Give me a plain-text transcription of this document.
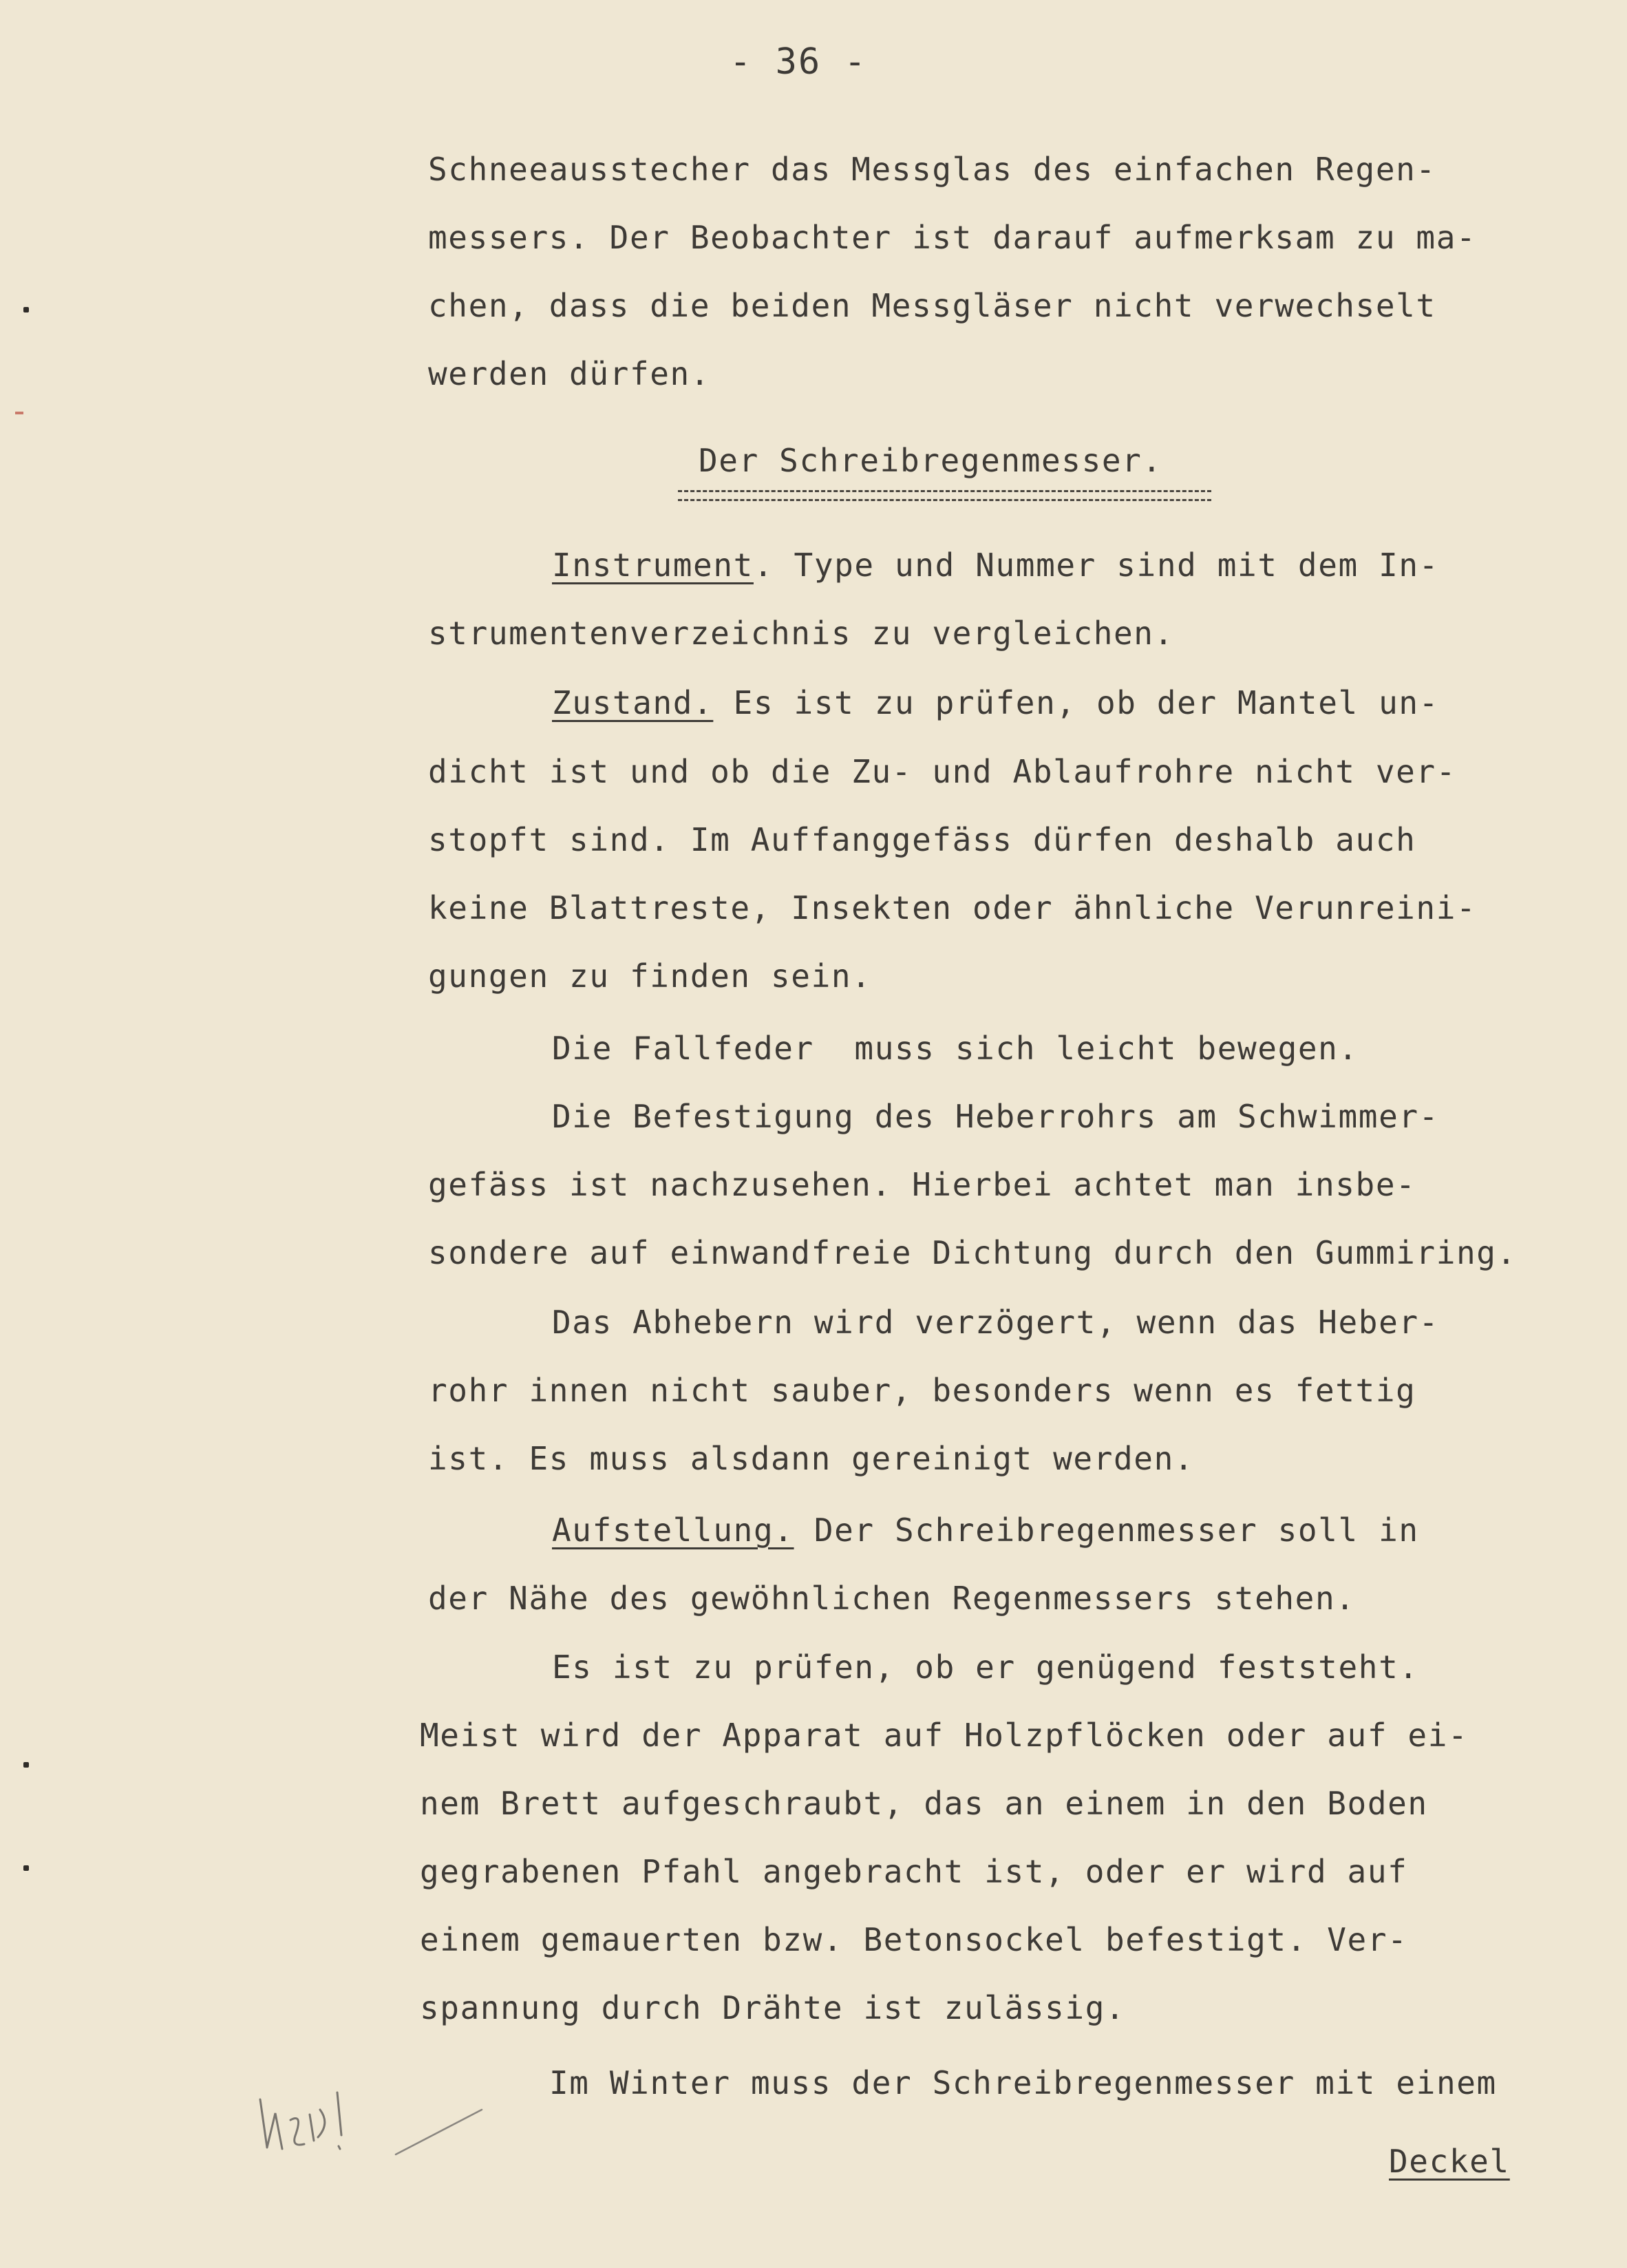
- 36 -
Schneeausstecher das Messglas des einfachen Regen-
messers. Der Beobachter ist darauf aufmerksam zu ma-
chen, dass die beiden Messgläser nicht verwechselt
werden dürfen.
Der Schreibregenmesser.
Instrument. Type und Nummer sind mit dem In-
strumentenverzeichnis zu vergleichen.
Zustand. Es ist zu prüfen, ob der Mantel un-
dicht ist und ob die Zu- und Ablaufrohre nicht ver-
stopft sind. Im Auffanggefäss dürfen deshalb auch
keine Blattreste, Insekten oder ähnliche Verunreini-
gungen zu finden sein.
Die Fallfeder  muss sich leicht bewegen.
Die Befestigung des Heberrohrs am Schwimmer-
gefäss ist nachzusehen. Hierbei achtet man insbe-
sondere auf einwandfreie Dichtung durch den Gummiring.
Das Abhebern wird verzögert, wenn das Heber-
rohr innen nicht sauber, besonders wenn es fettig
ist. Es muss alsdann gereinigt werden.
Aufstellung. Der Schreibregenmesser soll in
der Nähe des gewöhnlichen Regenmessers stehen.
Es ist zu prüfen, ob er genügend feststeht.
Meist wird der Apparat auf Holzpflöcken oder auf ei-
nem Brett aufgeschraubt, das an einem in den Boden
gegrabenen Pfahl angebracht ist, oder er wird auf
einem gemauerten bzw. Betonsockel befestigt. Ver-
spannung durch Drähte ist zulässig.
Im Winter muss der Schreibregenmesser mit einem
Deckel
